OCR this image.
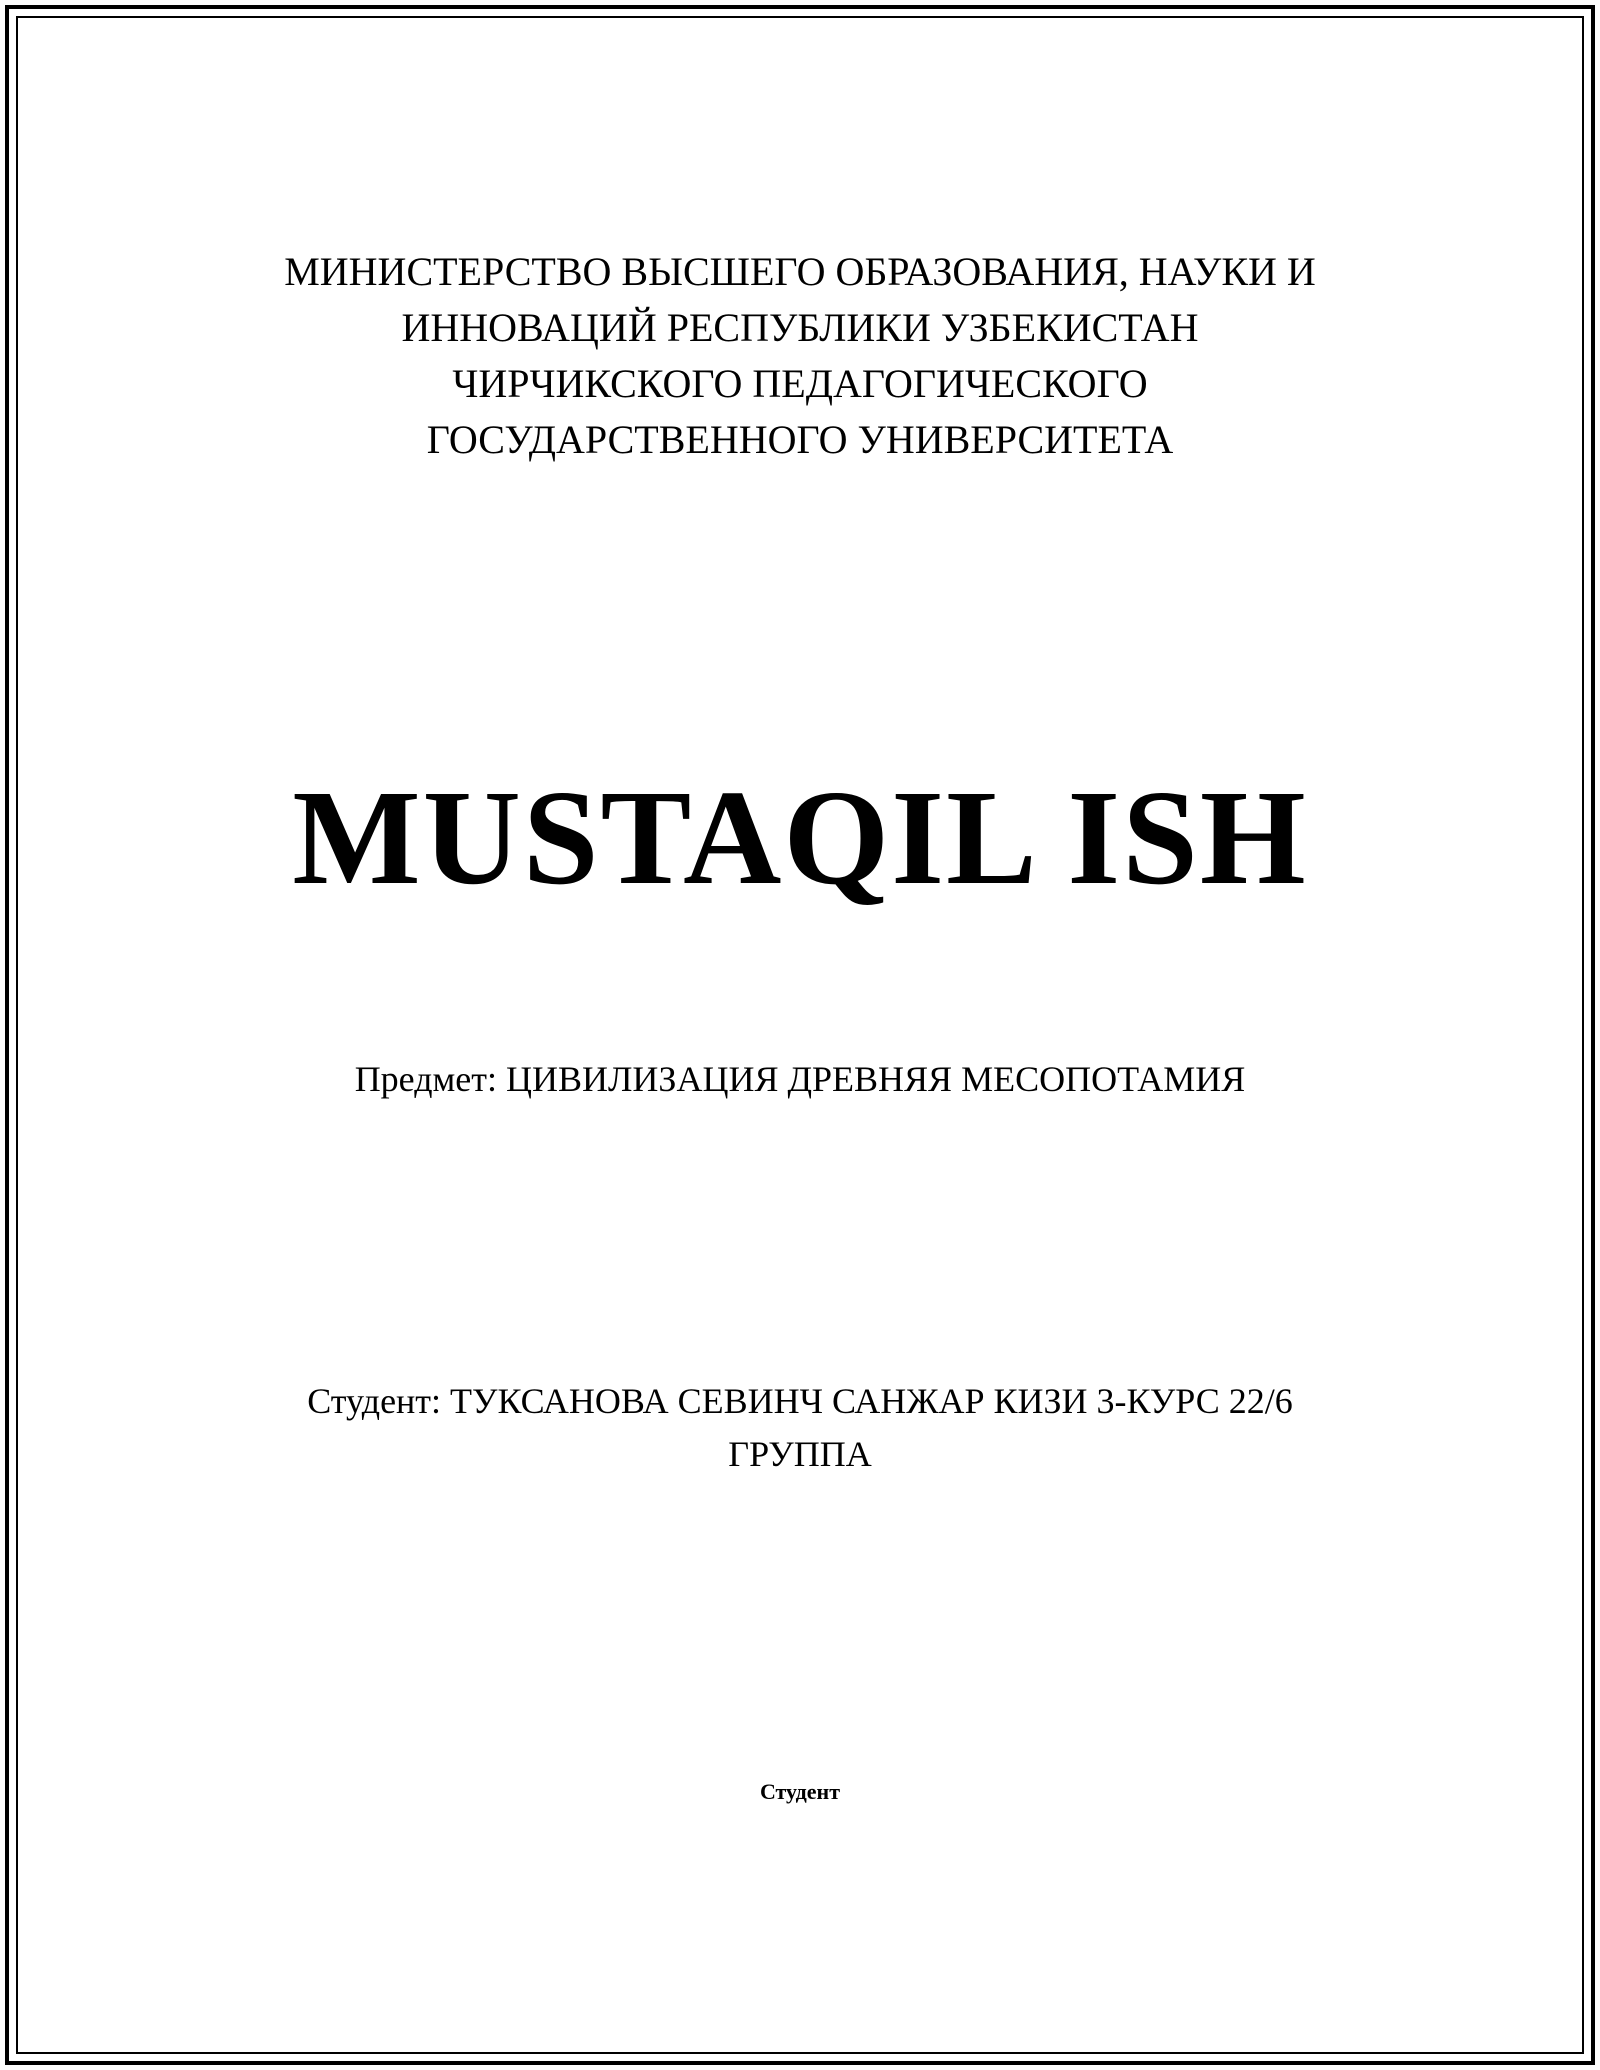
МИНИСТЕРСТВО ВЫСШЕГО ОБРАЗОВАНИЯ, НАУКИ И
ИННОВАЦИЙ РЕСПУБЛИКИ УЗБЕКИСТАН
ЧИРЧИКСКОГО ПЕДАГОГИЧЕСКОГО
ГОСУДАРСТВЕННОГО УНИВЕРСИТЕТА
MUSTAQIL ISH
Предмет: ЦИВИЛИЗАЦИЯ ДРЕВНЯЯ МЕСОПОТАМИЯ
Студент: ТУКСАНОВА СЕВИНЧ САНЖАР КИЗИ 3-КУРС 22/6
ГРУППА
Студент
